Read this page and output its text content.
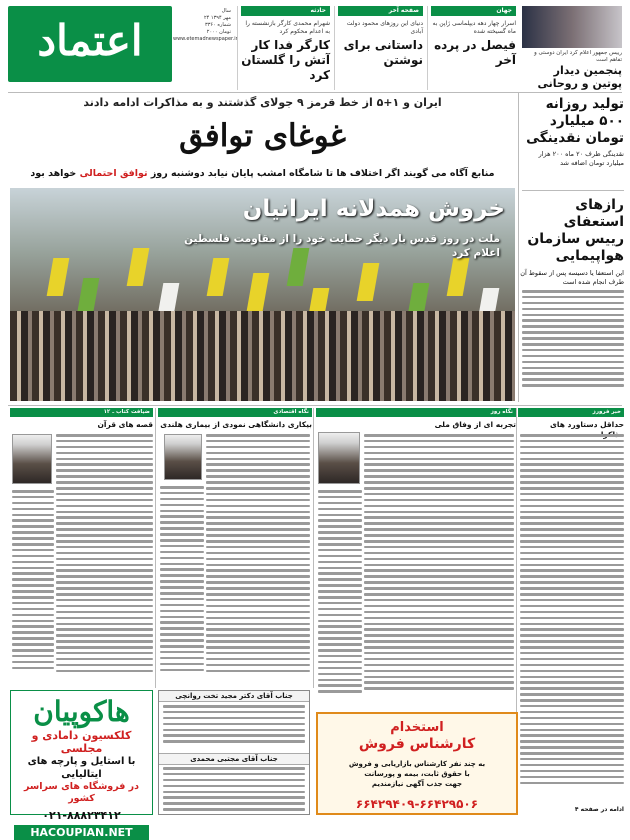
اعتماد
سال
۲۴ مهر ۱۳۹۴
شماره ۳۳۶۰
۲۰۰۰ تومان
www.etemadnewspaper.ir
جهان
اسرار چهار دهه دیپلماسی ژاپن به ماه گسیخته شده
فیصل در پرده آخر
صفحه آخر
دنیای این روزهای محمود دولت آبادی
داستانی برای نوشتن
حادثه
شهرام محمدی کارگر بازنشسته را به اعدام محکوم کرد
کارگر فدا کار آتش را گلستان کرد
رییس جمهور اعلام کرد ایران دوستی و تفاهم است
پنجمین دیدار پوتین و روحانی
ایران و ۱+۵ از خط قرمز ۹ جولای گذشتند و به مذاکرات ادامه دادند
غوغای توافق
منابع آگاه می گویند اگر اختلاف ها تا شامگاه امشب پایان نیابد دوشنبه روز توافق احتمالی خواهد بود
خروش همدلانه ایرانیان
ملت در روز قدس بار دیگر حمایت خود را از مقاومت فلسطین اعلام کرد
تولید روزانه ۵۰۰ میلیارد تومان نقدینگی
نقدینگی ظرف ۲۰ ماه ۲۰۰ هزار میلیارد تومان اضافه شد
رازهای استعفای رییس سازمان هواپیمایی
این استعفا یا دسیسه پس از سقوط آن طرف انجام شده است
خبر فرورز
حداقل دستاورد های
نگاه روز
تجربه ای از وفاق ملی
نگاه اقتصادی
بیکاری دانشگاهی نمودی از بیماری هلندی
ضیافت کتاب ـ ۱۲
قصه های قرآن
هاکوپیان
کلکسیون دامادی و مجلسی
با استایل و پارچه های ایتالیایی
در فروشگاه های سراسر کشور
۰۲۱-۸۸۸۲۳۴۱۲
HACOUPIAN.NET
جناب آقای دکتر مجید تخت روانچی
جناب آقای مجتبی محمدی
استخدام
کارشناس فروش
به چند نفر کارشناس بازاریابی و فروش
با حقوق ثابت، بیمه و پورسانت
جهت جذب آگهی نیازمندیم
۶۶۴۲۹۴۰۹-۶۶۴۲۹۵۰۶	ادامه در صفحه ۴
